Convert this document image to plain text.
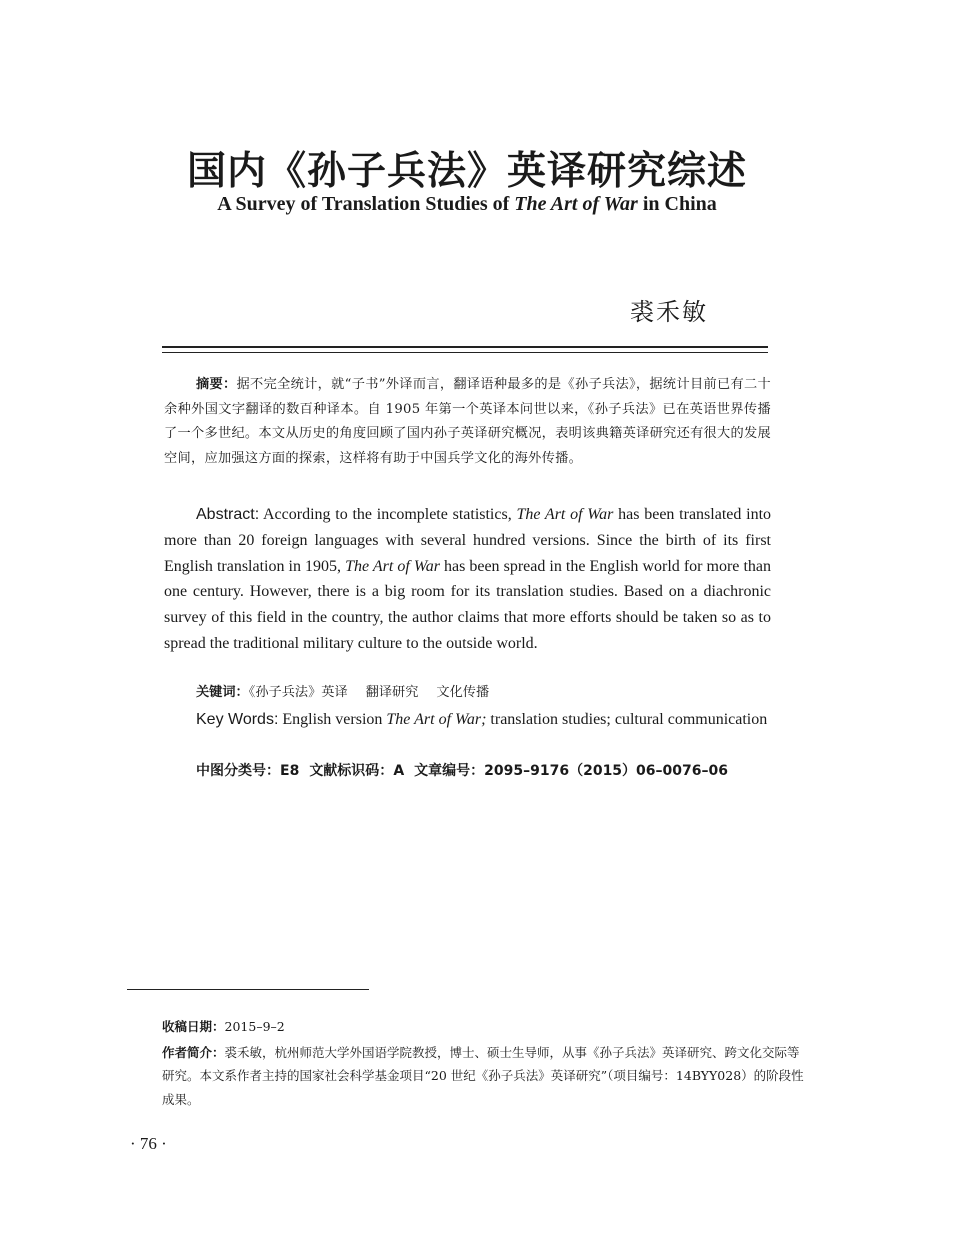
国内《孙子兵法》英译研究综述
A Survey of Translation Studies of The Art of War in China
裘禾敏

摘要：据不完全统计，就“子书”外译而言，翻译语种最多的是《孙子兵法》，据统计目前已有二十余种外国文字翻译的数百种译本。自 1905 年第一个英译本问世以来，《孙子兵法》已在英语世界传播了一个多世纪。本文从历史的角度回顾了国内孙子英译研究概况，表明该典籍英译研究还有很大的发展空间，应加强这方面的探索，这样将有助于中国兵学文化的海外传播。

Abstract: According to the incomplete statistics, The Art of War has been translated into more than 20 foreign languages with several hundred versions. Since the birth of its first English translation in 1905, The Art of War has been spread in the English world for more than one century. However, there is a big room for its translation studies. Based on a diachronic survey of this field in the country, the author claims that more efforts should be taken so as to spread the traditional military culture to the outside world.

关键词：《孙子兵法》英译 翻译研究 文化传播

Key Words: English version The Art of War; translation studies; cultural communication

中图分类号：E8 文献标识码：A 文章编号：2095–9176（2015）06–0076–06

收稿日期：2015–9–2

作者简介：裘禾敏，杭州师范大学外国语学院教授，博士、硕士生导师，从事《孙子兵法》英译研究、跨文化交际等研究。本文系作者主持的国家社会科学基金项目“20 世纪《孙子兵法》英译研究”（项目编号：14BYY028）的阶段性成果。

· 76 ·
